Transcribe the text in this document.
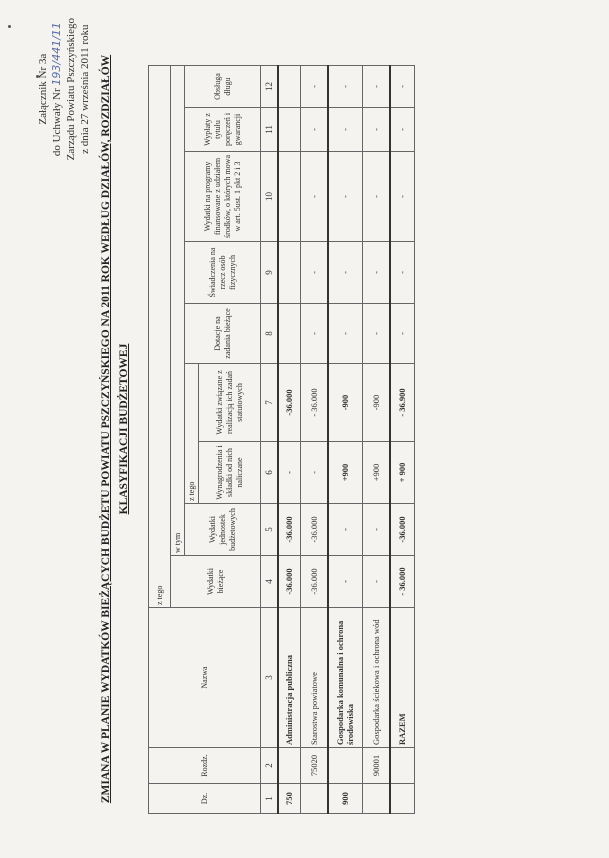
Załącznik Nr 3a do Uchwały Nr 193/441/11 Zarządu Powiatu Pszczyńskiego z dnia 27 września 2011 roku ZMIANA W PLANIE WYDATKÓW BIEŻĄCYCH BUDŻETU POWIATU PSZCZYŃSKIEGO NA 2011 ROK WEDŁUG DZIAŁÓW, ROZDZIAŁÓW KLASYFIKACJI BUDŻETOWEJ
Dz.	Rozdz.	Nazwa	z tego								
			Wydatki bieżące	w tym							
				Wydatki jednostek budżetowych	z tego		Dotacje na zadania bieżące	Świadczenia na rzecz osób fizycznych	Wydatki na programy finansowane z udziałem środków, o których mowa w art. 5ust. 1 pkt 2 i 3	Wypłaty z tytułu poręczeń i gwarancji	Obsługa długu
					Wynagrodzenia i składki od nich naliczane	Wydatki związane z realizacją ich zadań statutowych					
1	2	3	4	5	6	7	8	9	10	11	12
750		Administracja publiczna	-36.000	-36.000	-	-36.000					
	75020	Starostwa powiatowe	-36.000	-36.000	-	- 36.000	-	-	-	-	-
900		Gospodarka komunalna i ochrona środowiska	-	-	+900	-900	-	-	-	-	-
	90001	Gospodarka ściekowa i ochrona wód	-	-	+900	-900	-	-	-	-	-
		RAZEM	- 36.000	-36.000	+ 900	- 36.900	-	-	-	-	-
